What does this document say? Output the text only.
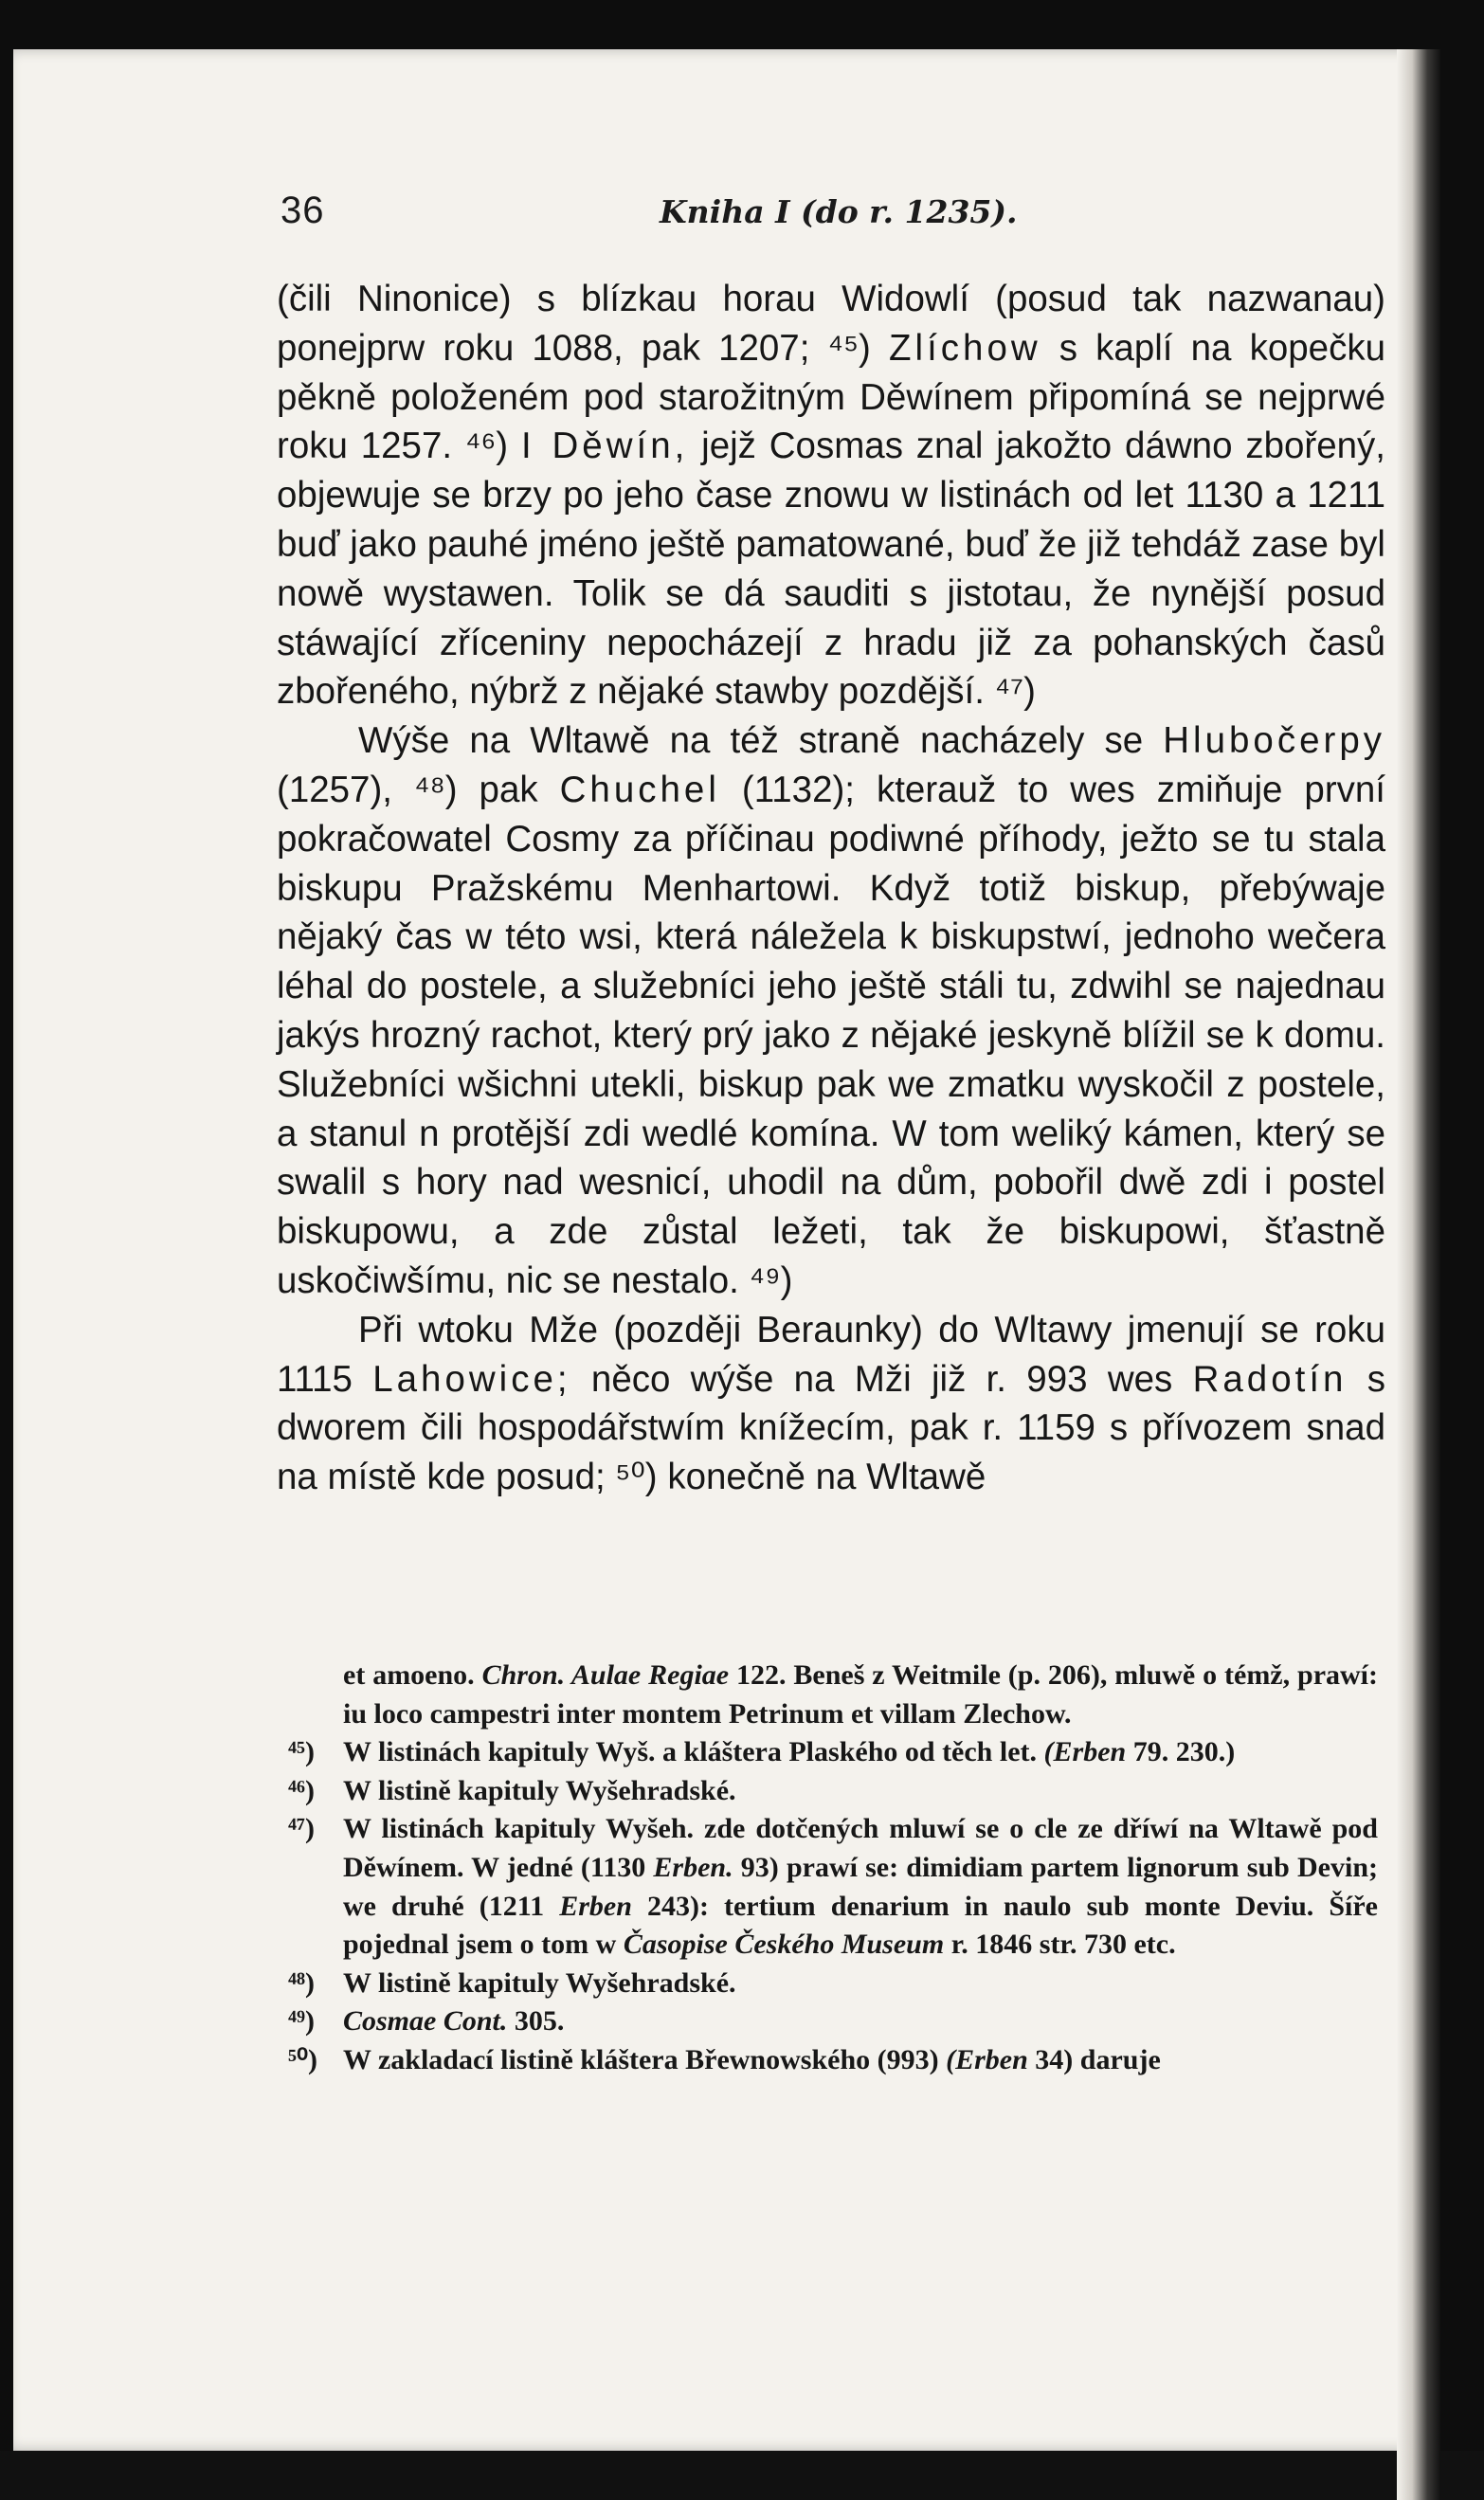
36	Kniha I (do r. 1235).

(čili Ninonice) s blízkau horau Widowlí (posud tak nazwanau) ponejprw roku 1088, pak 1207; ⁴⁵) Zlíchow s kaplí na kopečku pěkně položeném pod starožitným Děwínem připomíná se nejprwé roku 1257. ⁴⁶) I Děwín, jejž Cosmas znal jakožto dáwno zbořený, objewuje se brzy po jeho čase znowu w listinách od let 1130 a 1211 buď jako pauhé jméno ještě pamatowané, buď že již tehdáž zase byl nowě wystawen. Tolik se dá sauditi s jistotau, že nynější posud stáwající zříceniny nepocházejí z hradu již za pohanských časů zbořeného, nýbrž z nějaké stawby pozdější. ⁴⁷)

Wýše na Wltawě na též straně nacházely se Hlubočerpy (1257), ⁴⁸) pak Chuchel (1132); kterauž to wes zmiňuje první pokračowatel Cosmy za příčinau podiwné příhody, ježto se tu stala biskupu Pražskému Menhartowi. Když totiž biskup, přebýwaje nějaký čas w této wsi, která náležela k biskupstwí, jednoho wečera léhal do postele, a služebníci jeho ještě stáli tu, zdwihl se najednau jakýs hrozný rachot, který prý jako z nějaké jeskyně blížil se k domu. Služebníci wšichni utekli, biskup pak we zmatku wyskočil z postele, a stanul n protější zdi wedlé komína. W tom weliký kámen, který se swalil s hory nad wesnicí, uhodil na dům, pobořil dwě zdi i postel biskupowu, a zde zůstal ležeti, tak že biskupowi, šťastně uskočiwšímu, nic se nestalo. ⁴⁹)

Při wtoku Mže (později Beraunky) do Wltawy jmenují se roku 1115 Lahowice; něco wýše na Mži již r. 993 wes Radotín s dworem čili hospodářstwím knížecím, pak r. 1159 s přívozem snad na místě kde posud; ⁵⁰) konečně na Wltawě

et amoeno. Chron. Aulae Regiae 122. Beneš z Weitmile (p. 206), mluwě o témž, prawí: iu loco campestri inter montem Petrinum et villam Zlechow.

⁴⁵) W listinách kapituly Wyš. a kláštera Plaského od těch let. (Erben 79. 230.)

⁴⁶) W listině kapituly Wyšehradské.

⁴⁷) W listinách kapituly Wyšeh. zde dotčených mluwí se o cle ze dříwí na Wltawě pod Děwínem. W jedné (1130 Erben. 93) prawí se: dimidiam partem lignorum sub Devin; we druhé (1211 Erben 243): tertium denarium in naulo sub monte Deviu. Šíře pojednal jsem o tom w Časopise Českého Museum r. 1846 str. 730 etc.

⁴⁸) W listině kapituly Wyšehradské.

⁴⁹) Cosmae Cont. 305.

⁵⁰) W zakladací listině kláštera Břewnowského (993) (Erben 34) daruje
